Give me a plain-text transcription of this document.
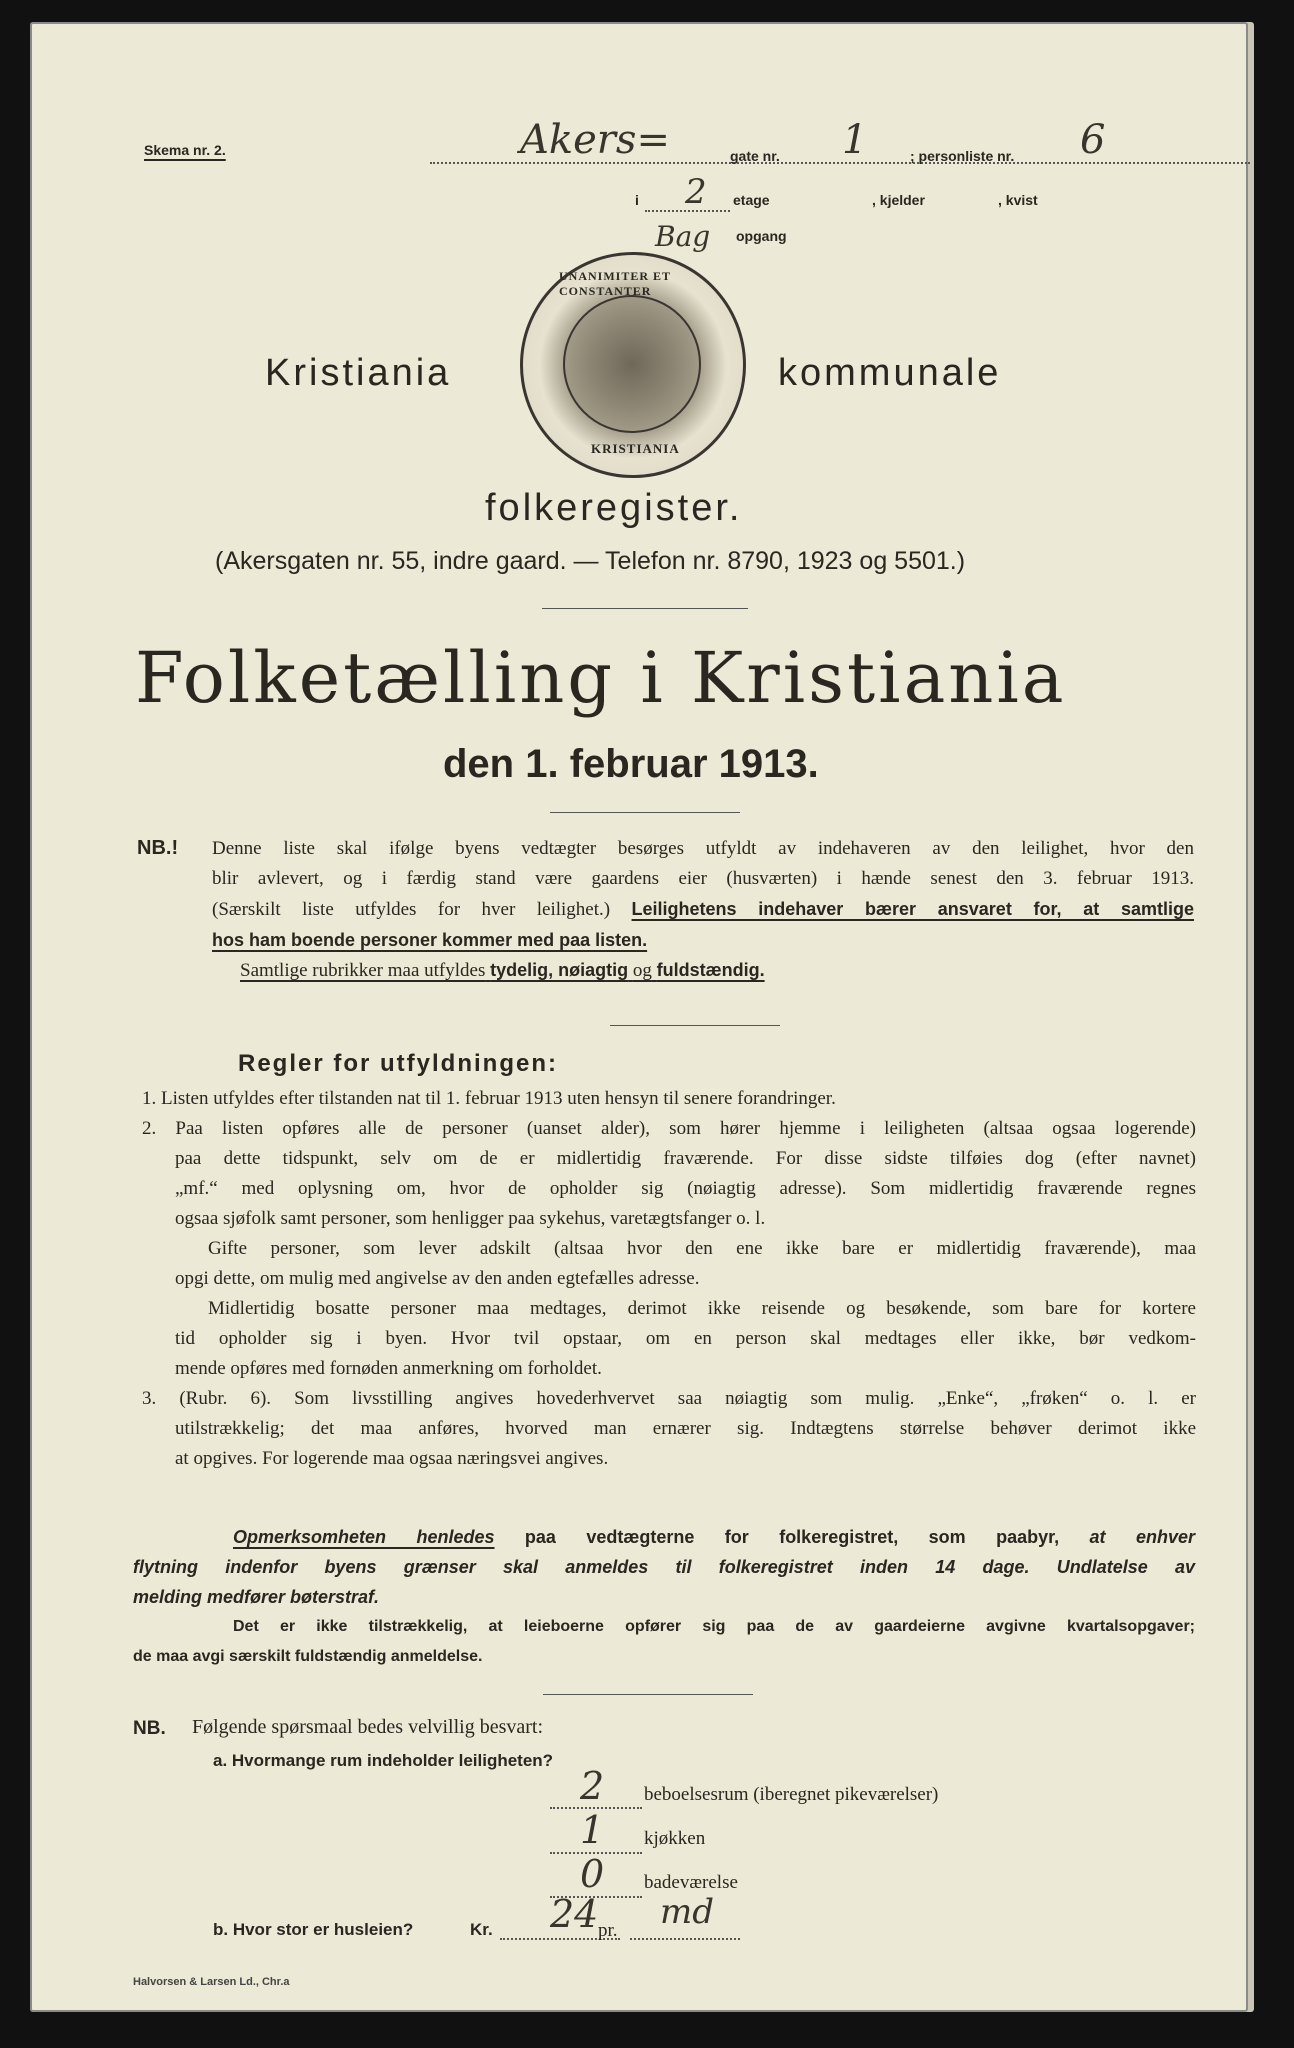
Skema nr. 2.	Akers=	gate nr. 1	; personliste nr. 6
i 2 etage	, kjelder	, kvist
Bag opgang
Kristiania
UNANIMITER ET CONSTANTER
KRISTIANIA
kommunale
folkeregister.
(Akersgaten nr. 55, indre gaard. — Telefon nr. 8790, 1923 og 5501.)
Folketælling i Kristiania
den 1. februar 1913.
NB.! Denne liste skal ifølge byens vedtægter besørges utfyldt av indehaveren av den leilighet, hvor den
blir avlevert, og i færdig stand være gaardens eier (husværten) i hænde senest den 3. februar 1913.
(Særskilt liste utfyldes for hver leilighet.) Leilighetens indehaver bærer ansvaret for, at samtlige
hos ham boende personer kommer med paa listen.
Samtlige rubrikker maa utfyldes tydelig, nøiagtig og fuldstændig.
Regler for utfyldningen:
1. Listen utfyldes efter tilstanden nat til 1. februar 1913 uten hensyn til senere forandringer.
2. Paa listen opføres alle de personer (uanset alder), som hører hjemme i leiligheten (altsaa ogsaa logerende)
paa dette tidspunkt, selv om de er midlertidig fraværende. For disse sidste tilføies dog (efter navnet)
„mf.“ med oplysning om, hvor de opholder sig (nøiagtig adresse). Som midlertidig fraværende regnes
ogsaa sjøfolk samt personer, som henligger paa sykehus, varetægtsfanger o. l.
Gifte personer, som lever adskilt (altsaa hvor den ene ikke bare er midlertidig fraværende), maa
opgi dette, om mulig med angivelse av den anden egtefælles adresse.
Midlertidig bosatte personer maa medtages, derimot ikke reisende og besøkende, som bare for kortere
tid opholder sig i byen. Hvor tvil opstaar, om en person skal medtages eller ikke, bør vedkom-
mende opføres med fornøden anmerkning om forholdet.
3. (Rubr. 6). Som livsstilling angives hovederhvervet saa nøiagtig som mulig. „Enke“, „frøken“ o. l. er
utilstrækkelig; det maa anføres, hvorved man ernærer sig. Indtægtens størrelse behøver derimot ikke
at opgives. For logerende maa ogsaa næringsvei angives.
Opmerksomheten henledes paa vedtægterne for folkeregistret, som paabyr, at enhver
flytning indenfor byens grænser skal anmeldes til folkeregistret inden 14 dage. Undlatelse av
melding medfører bøterstraf.
Det er ikke tilstrækkelig, at leieboerne opfører sig paa de av gaardeierne avgivne kvartalsopgaver;
de maa avgi særskilt fuldstændig anmeldelse.
NB. Følgende spørsmaal bedes velvillig besvart:
a. Hvormange rum indeholder leiligheten?
2 beboelsesrum (iberegnet pikeværelser)
1 kjøkken
0 badeværelse
b. Hvor stor er husleien?	Kr. 24 pr. md
Halvorsen & Larsen Ld., Chr.a
